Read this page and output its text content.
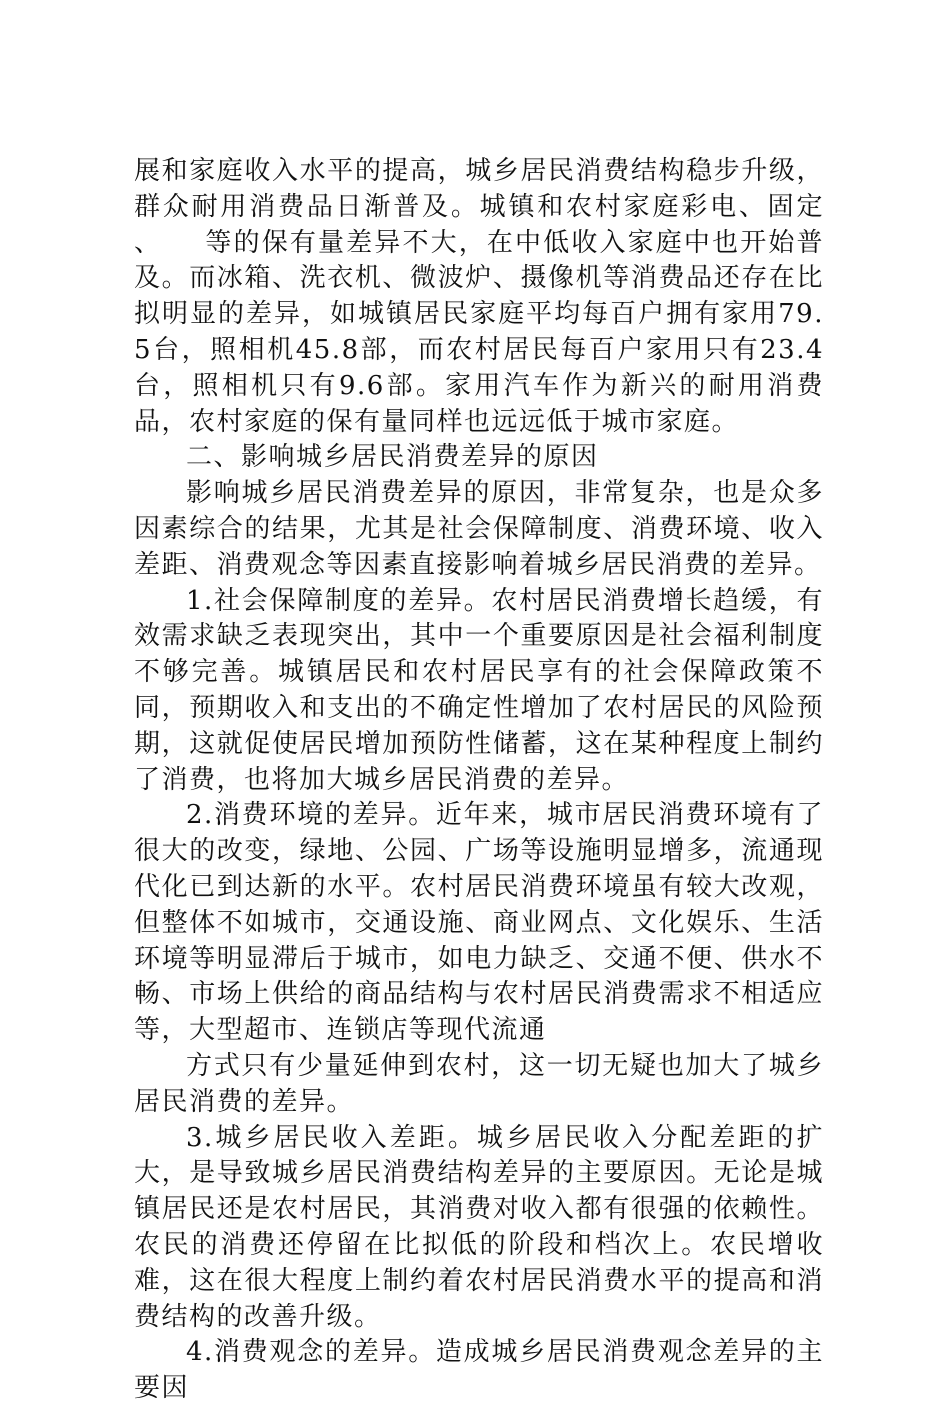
展和家庭收入水平的提高，城乡居民消费结构稳步升级，群众耐用消费品日渐普及。城镇和农村家庭彩电、固定　　、　　等的保有量差异不大，在中低收入家庭中也开始普及。而冰箱、洗衣机、微波炉、摄像机等消费品还存在比拟明显的差异，如城镇居民家庭平均每百户拥有家用79.5台，照相机45.8部，而农村居民每百户家用只有23.4台，照相机只有9.6部。家用汽车作为新兴的耐用消费品，农村家庭的保有量同样也远远低于城市家庭。

二、影响城乡居民消费差异的原因

影响城乡居民消费差异的原因，非常复杂，也是众多因素综合的结果，尤其是社会保障制度、消费环境、收入差距、消费观念等因素直接影响着城乡居民消费的差异。

1.社会保障制度的差异。农村居民消费增长趋缓，有效需求缺乏表现突出，其中一个重要原因是社会福利制度不够完善。城镇居民和农村居民享有的社会保障政策不同，预期收入和支出的不确定性增加了农村居民的风险预期，这就促使居民增加预防性储蓄，这在某种程度上制约了消费，也将加大城乡居民消费的差异。

2.消费环境的差异。近年来，城市居民消费环境有了很大的改变，绿地、公园、广场等设施明显增多，流通现代化已到达新的水平。农村居民消费环境虽有较大改观，但整体不如城市，交通设施、商业网点、文化娱乐、生活环境等明显滞后于城市，如电力缺乏、交通不便、供水不畅、市场上供给的商品结构与农村居民消费需求不相适应等，大型超市、连锁店等现代流通

方式只有少量延伸到农村，这一切无疑也加大了城乡居民消费的差异。

3.城乡居民收入差距。城乡居民收入分配差距的扩大，是导致城乡居民消费结构差异的主要原因。无论是城镇居民还是农村居民，其消费对收入都有很强的依赖性。农民的消费还停留在比拟低的阶段和档次上。农民增收难，这在很大程度上制约着农村居民消费水平的提高和消费结构的改善升级。

4.消费观念的差异。造成城乡居民消费观念差异的主要因
